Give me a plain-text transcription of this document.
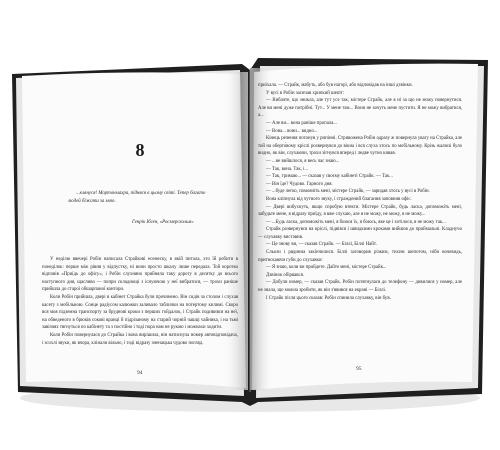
8
...клянуся! Мортонмахра, підняся в цьому світі. Тепер багато людей біжати за мою.
Генрік Ібсен, «Росмерсхольм»

У неділю ввечері Робін написала Страйкові есемеску, в якій питала, хто їй робити в понеділок: перше між рівня у відпустку, ні вони просто шкалу лише передала. Той коротко відповів «Приїдь до офісу», і Робін слухняно прийняла таку дорогу в десятку до всього наступного дня, щасливо — попри складнощі з існуючою у неї вибратися, — трохи раніше прийшла до старої обшарпаної контори.

Коли Робін прийшла, двері в кабінет Страйка були прочинено. Він сидів за столом і слухав касету з мобільною. Сонце радіусом калюжки заливало таблички на потертому килимі. Скоро вся моя підземна транспорту за бруднові кроки з перших гойдалок, і Страйк подивився на неї, на обведеного в брюків сокові вранці й підрізаному на старий чорній чашці чайника, і на тьмі завізнях тягнуться по кабінету та з постійно і тоді пора нам не рукою і можнахи ходити.

Коли Робін повернулася до Страйка і вона вирішила, він натиснула номер автовідповідача, і зсохлі звуки, як вчора, клінали вільно, і тоді відразу зненацька чудово погляд.

94

приїхала. — Страйк, мабуть, або був нагорі, або відповідав на інші дзвінки.

У вусі в Робін засичав хрипкий шепіт:

— Вибачте, що зникла, але тут усе так, містере Страйк, але я ні за що не можу повернутися. Але ви мені дуже потрібні. Тут... У мене там... Вони не хочуть мене пустити. Я не можу вибратися, а...

— Але ви... вона раніше пропала...

— Вона... вони... видно...

Кінець речення потонув у рипінні. Стривожена Робін одразу ж повернула увагу на Страйка, але той на оберто́вому кріслі розвернувся до вікна і вся слуха хтось по мобільному. Крізь жалюзі було видно, як він, слухаючи, трохи зігнувся вперед і ледве чутно кивав.

— ...не вийшлося, я весь час знаю...

— Так, вона. Так, і...

— Так, тримаю... — сказав у своєму кабінеті Страйк. — Так...

— Він їде? Чудово. Гарного дня.

— ...буде легко, помовчіть мені, містере Страйк, — заридав хтось у вусі в Робін.

Вона кліпнула від чутного звуку, і страждений благання заповнив офіс.

— Двері вибухнуть, якщо спробую втекти. Містере Страйк, будь ласка, допоможіть мені, забудьте мене, я відразу приїду, я вже слухаю, але я не можу, не можу, я не можу...

— ...Будь ласка, допоможіть мені, я боюся їх, я боюсь, яке це і хотілося, я не можу так...

Страйк розвернувся на кріслі, підвівся і швидкими кроками вийшов до приймальні. Кладнучо — слухавку виставив.

— Це знову ви, — сказав Страйк. — Біллі, Біллі Найт.

Сльози і рядинна закінчилися. Біллі заговорив різким, тихим шепотом, ніби вочевидь, притискаючи губи до слухавки:

— Я знаю, коли ви прийдете. Дайте мені, містере Страйк...

Дзвінок обірвався.

— Добули номер, — сказав Страйк. Робін потягнулася до телефону — дивилися у номер, але не знала, що можна зробити, як він з'явився на екрані — Біллі.

І Страйк після цього сказав: Робін спинила слухавку, він був.

95
